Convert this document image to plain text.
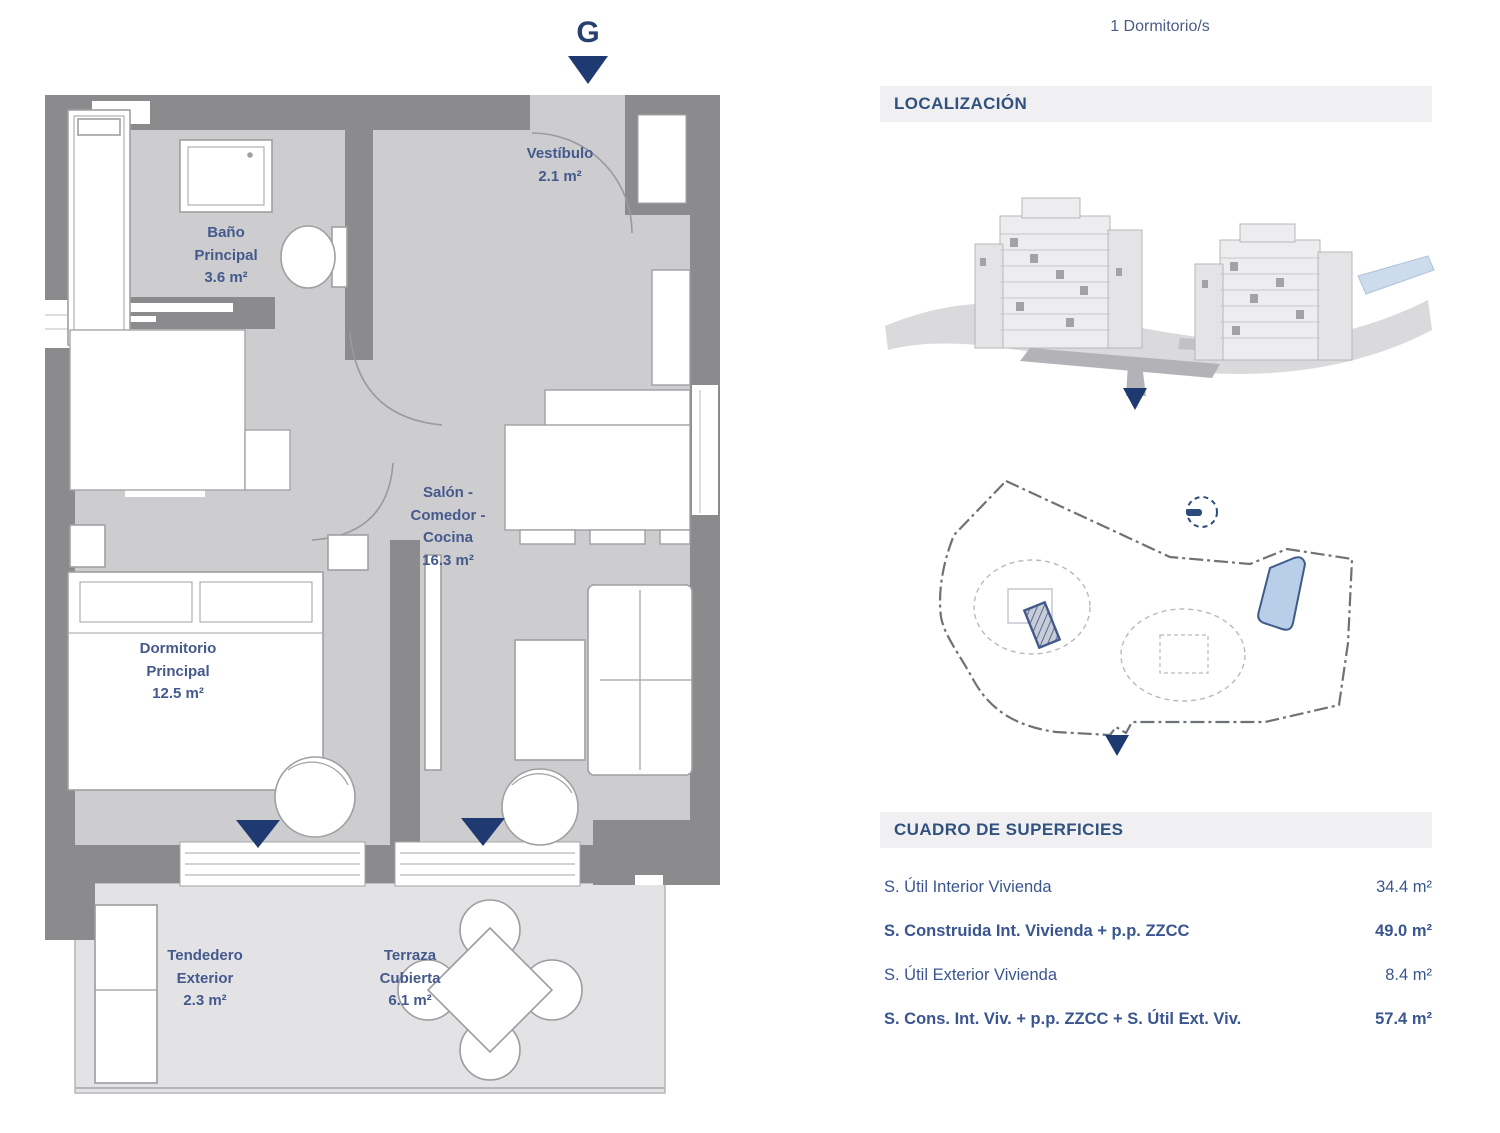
G
Vestíbulo
2.1 m²
Baño Principal
3.6 m²
Salón - Comedor - Cocina
16.3 m²
Dormitorio Principal
12.5 m²
Tendedero Exterior
2.3 m²
Terraza Cubierta
6.1 m²
1 Dormitorio/s
LOCALIZACIÓN
CUADRO DE SUPERFICIES
S. Útil Interior Vivienda	34.4 m²
S. Construida Int. Vivienda + p.p. ZZCC	49.0 m²
S. Útil Exterior Vivienda	8.4 m²
S. Cons. Int. Viv. + p.p. ZZCC + S. Útil Ext. Viv.	57.4 m²
